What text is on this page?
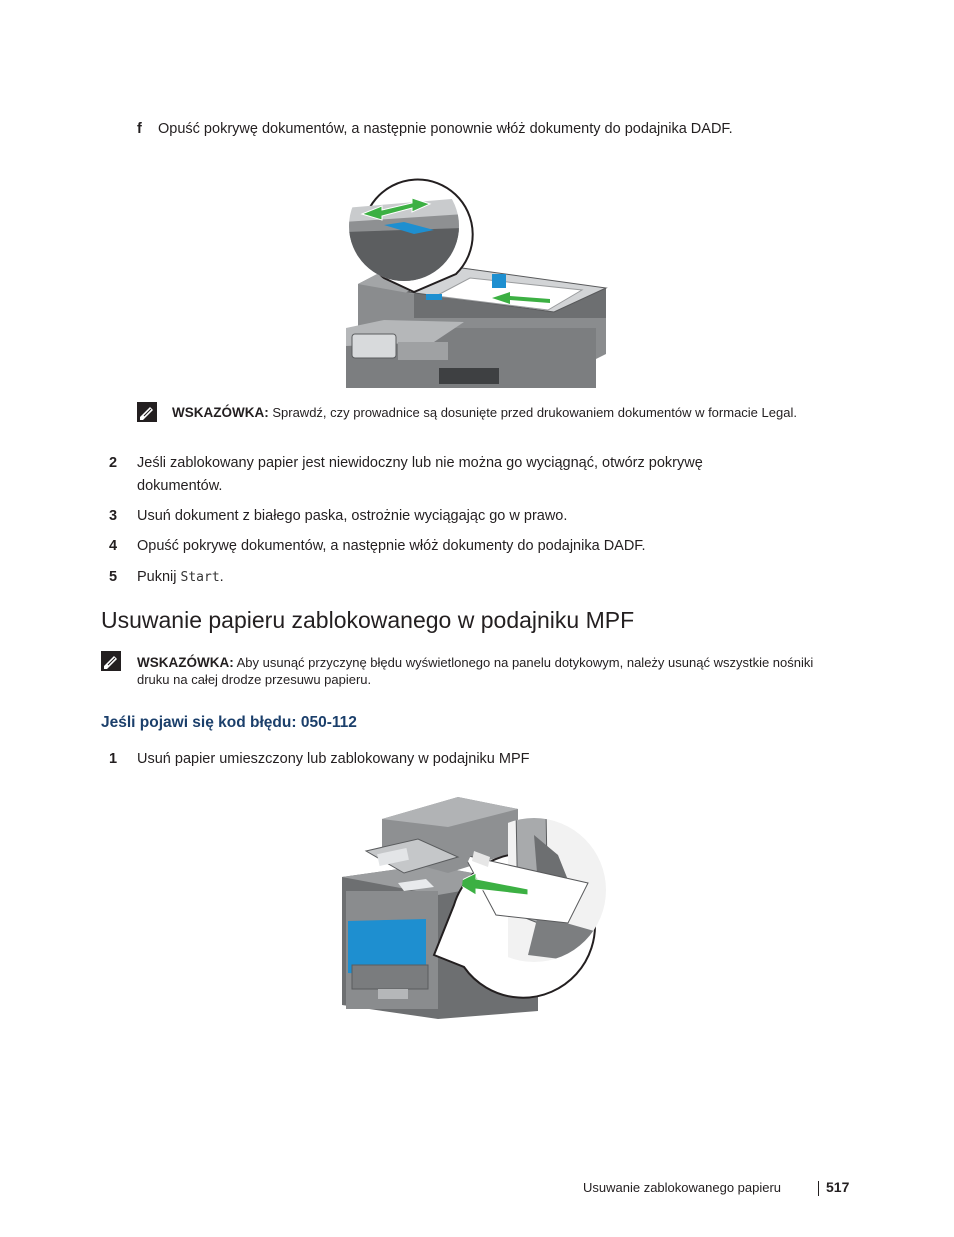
f Opuść pokrywę dokumentów, a następnie ponownie włóż dokumenty do podajnika DADF.
WSKAZÓWKA: Sprawdź, czy prowadnice są dosunięte przed drukowaniem dokumentów w formacie Legal.
2 Jeśli zablokowany papier jest niewidoczny lub nie można go wyciągnąć, otwórz pokrywę dokumentów.
3 Usuń dokument z białego paska, ostrożnie wyciągając go w prawo.
4 Opuść pokrywę dokumentów, a następnie włóż dokumenty do podajnika DADF.
5 Puknij Start.
Usuwanie papieru zablokowanego w podajniku MPF
WSKAZÓWKA: Aby usunąć przyczynę błędu wyświetlonego na panelu dotykowym, należy usunąć wszystkie nośniki druku na całej drodze przesuwu papieru.
Jeśli pojawi się kod błędu: 050-112
1 Usuń papier umieszczony lub zablokowany w podajniku MPF
Usuwanie zablokowanego papieru	517
